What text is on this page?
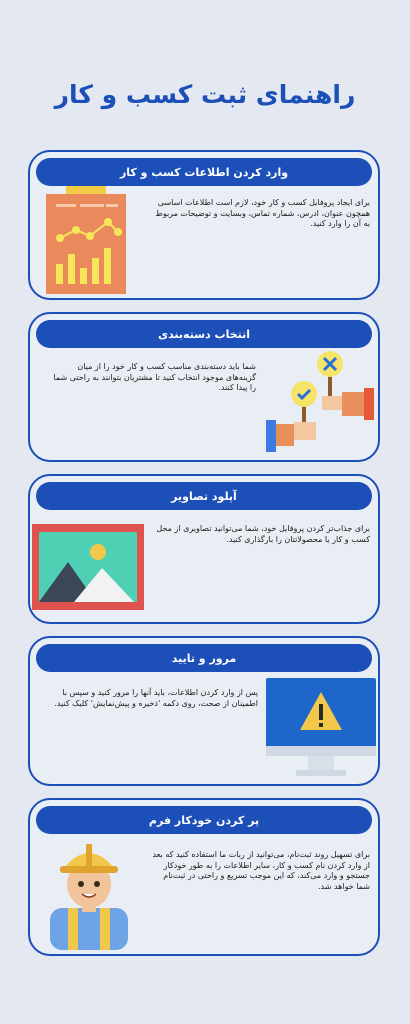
راهنمای ثبت کسب و کار
وارد کردن اطلاعات کسب و کار
برای ایجاد پروفایل کسب و کار خود، لازم است اطلاعات اساسی همچون عنوان، ادرس، شماره تماس، وبسایت و توضیحات مربوط به آن را وارد کنید.
انتخاب دسته‌بندی
شما باید دسته‌بندی مناسب کسب و کار خود را از میان گزینه‌های موجود انتخاب کنید تا مشتریان بتوانند به راحتی شما را پیدا کنند.
آپلود تصاویر
برای جذاب‌تر کردن پروفایل خود، شما می‌توانید تصاویری از محل کسب و کار یا محصولاتتان را بارگذاری کنید.
مرور و تایید
پس از وارد کردن اطلاعات، باید آنها را مرور کنید و سپس با اطمینان از صحت، روی دکمه 'ذخیره و پیش‌نمایش' کلیک کنید.
پر کردن خودکار فرم
برای تسهیل روند ثبت‌نام، می‌توانید از ربات ما استفاده کنید که بعد از وارد کردن نام کسب و کار، سایر اطلاعات را به طور خودکار جستجو و وارد می‌کند، که این موجب تسریع و راحتی در ثبت‌نام شما خواهد شد.
